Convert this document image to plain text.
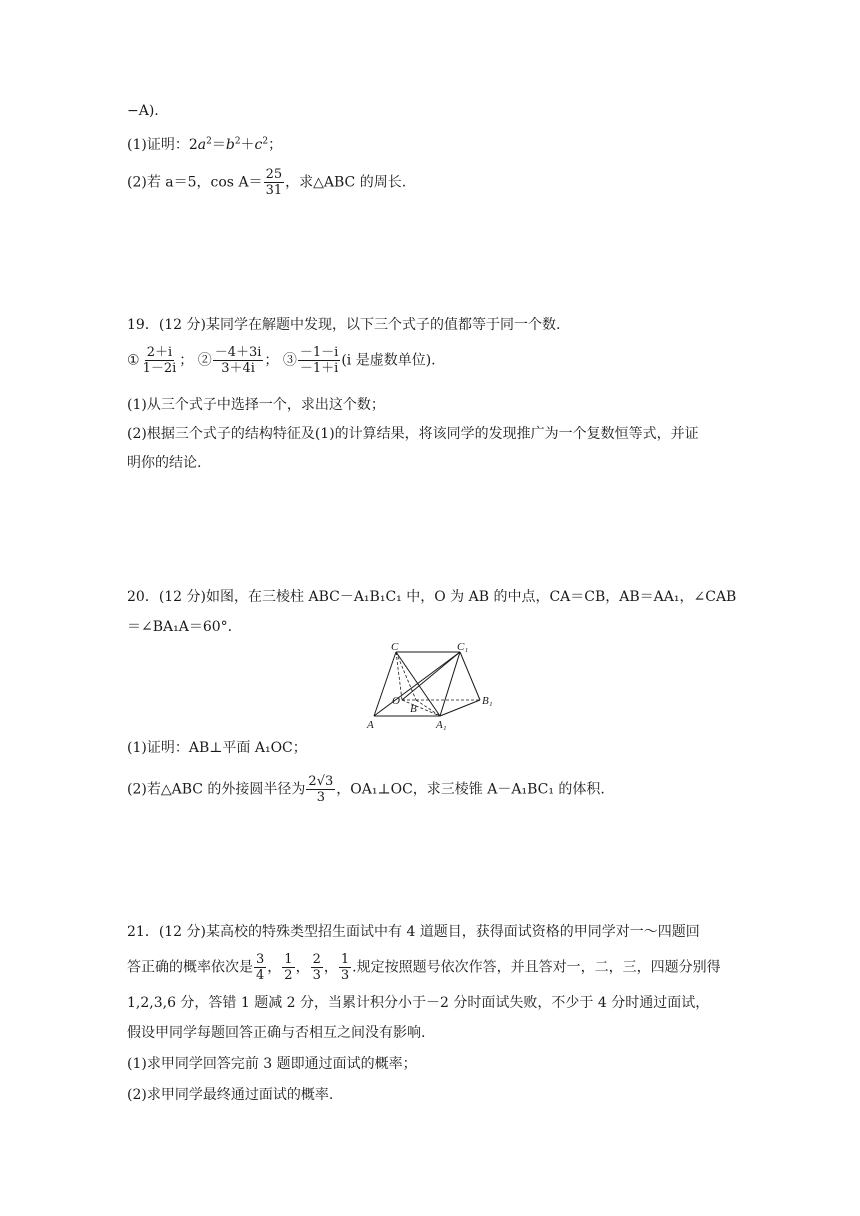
−A).
(1)证明：$2a^2=b^2+c^2$；
(2)若 a＝5，$\cos A= \frac{25}{31}$ ，求△ABC 的周长.
19．(12 分)某同学在解题中发现，以下三个式子的值都等于同一个数.
① $\frac{2+i}{1-2i}$ ； ② $\frac{-4+3i}{3+4i}$ ； ③ $\frac{-1-i}{-1+i} (i$ 是虚数单位).
(1)从三个式子中选择一个，求出这个数；
(2)根据三个式子的结构特征及(1)的计算结果，将该同学的发现推广为一个复数恒等式，并证
明你的结论.
20．(12 分)如图，在三棱柱 ABC－A₁B₁C₁ 中，O 为 AB 的中点，CA＝CB，AB＝AA₁，∠CAB
＝∠BA₁A＝60°.
C	C₁
B₁
O
B
A	A₁
(1)证明：AB⊥平面 A₁OC；
(2)若△ABC 的外接圆半径为 $\frac{2√3}{3}$ ，OA₁⊥OC，求三棱锥 A－A₁BC₁ 的体积.
21．(12 分)某高校的特殊类型招生面试中有 4 道题目，获得面试资格的甲同学对一～四题回
答正确的概率依次是 $\frac{3}{4}$ ， $\frac{1}{2}$ ， $\frac{2}{3}$ ， $\frac{1}{3}$ .规定按照题号依次作答，并且答对一，二，三，四题分别得
1,2,3,6 分，答错 1 题减 2 分，当累计积分小于－2 分时面试失败，不少于 4 分时通过面试，
假设甲同学每题回答正确与否相互之间没有影响.
(1)求甲同学回答完前 3 题即通过面试的概率；
(2)求甲同学最终通过面试的概率.
